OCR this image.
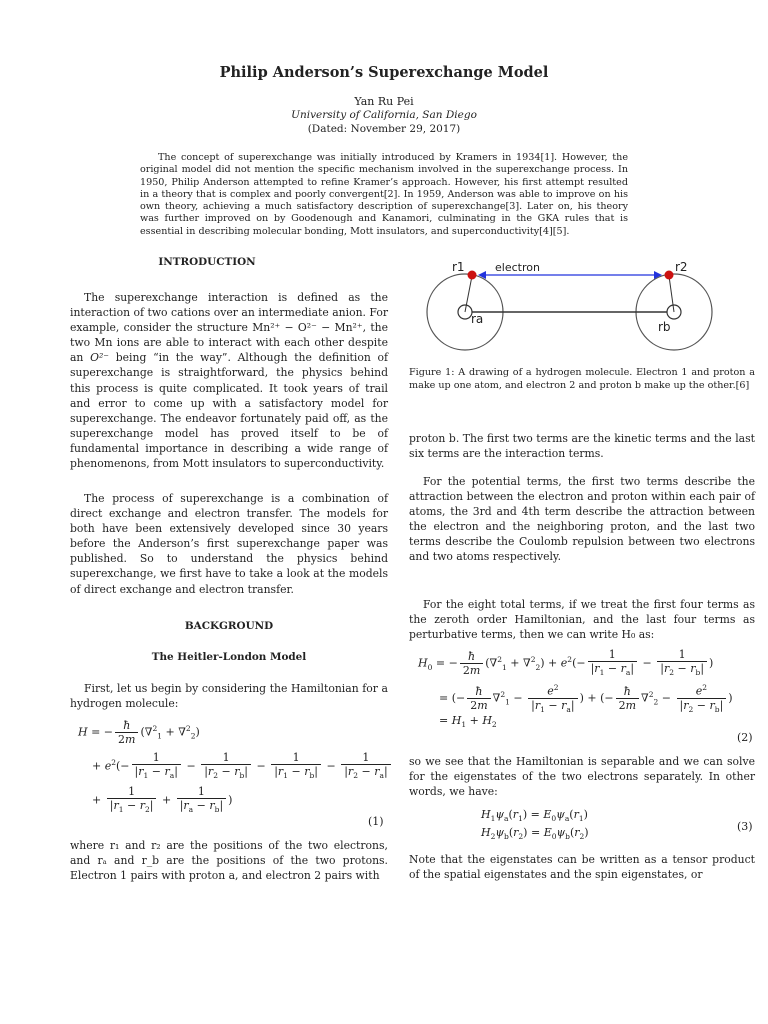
Philip Anderson’s Superexchange Model
Yan Ru Pei
University of California, San Diego
(Dated: November 29, 2017)

The concept of superexchange was initially introduced by Kramers in 1934[1]. However, the original model did not mention the specific mechanism involved in the superexchange process. In 1950, Philip Anderson attempted to refine Kramer’s approach. However, his first attempt resulted in a theory that is complex and poorly convergent[2]. In 1959, Anderson was able to improve on his own theory, achieving a much satisfactory description of superexchange[3]. Later on, his theory was further improved on by Goodenough and Kanamori, culminating in the GKA rules that is essential in describing molecular bonding, Mott insulators, and superconductivity[4][5].

INTRODUCTION

The superexchange interaction is defined as the interaction of two cations over an intermediate anion. For example, consider the structure Mn²⁺ − O²⁻ − Mn²⁺, the two Mn ions are able to interact with each other despite an O²⁻ being “in the way”. Although the definition of superexchange is straightforward, the physics behind this process is quite complicated. It took years of trail and error to come up with a satisfactory model for superexchange. The endeavor fortunately paid off, as the superexchange model has proved itself to be of fundamental importance in describing a wide range of phenomenons, from Mott insulators to superconductivity.

The process of superexchange is a combination of direct exchange and electron transfer. The models for both have been extensively developed since 30 years before the Anderson’s first superexchange paper was published. So to understand the physics behind superexchange, we first have to take a look at the models of direct exchange and electron transfer.

BACKGROUND
The Heitler-London Model

First, let us begin by considering the Hamiltonian for a hydrogen molecule:

H = − $\frac{ħ}{2m} (\nabla^2_1 + \nabla^2_2)$
+ $e^2(- \frac{1}{|r_1 - r_a|} - \frac{1}{|r_2 - r_b|} - \frac{1}{|r_1 - r_b|} - \frac{1}{|r_2 - r_a|}$
+ $\frac{1}{|r_1 - r_2|} + \frac{1}{|r_a - r_b|}$ )
(1)

where r₁ and r₂ are the positions of the two electrons, and rₐ and r_b are the positions of the two protons. Electron 1 pairs with proton a, and electron 2 pairs with

r1	electron	r2
ra
rb

Figure 1: A drawing of a hydrogen molecule. Electron 1 and proton a make up one atom, and electron 2 and proton b make up the other.[6]

proton b. The first two terms are the kinetic terms and the last six terms are the interaction terms.

For the potential terms, the first two terms describe the attraction between the electron and proton within each pair of atoms, the 3rd and 4th term describe the attraction between the electron and the neighboring proton, and the last two terms describe the Coulomb repulsion between two electrons and two atoms respectively.

For the eight total terms, if we treat the first four terms as the zeroth order Hamiltonian, and the last four terms as perturbative terms, then we can write H₀ as:

$H_0$ = − $\frac{ħ}{2m} (\nabla^2_1 + \nabla^2_2) + e^2(- \frac{1}{|r_1 - r_a|} - \frac{1}{|r_2 - r_b|}$ )
= (− $\frac{ħ}{2m} \nabla^2_1 - \frac{e^2}{|r_1 - r_a|}$ ) + (− $\frac{ħ}{2m} \nabla^2_2 - \frac{e^2}{|r_2 - r_b|}$ )
= $H_1 + H_2$
(2)

so we see that the Hamiltonian is separable and we can solve for the eigenstates of the two electrons separately. In other words, we have:

$H_1\psi_a(r_1) = E_0\psi_a(r_1)$
$H_2\psi_b(r_2) = E_0\psi_b(r_2)$	(3)

Note that the eigenstates can be written as a tensor product of the spatial eigenstates and the spin eigenstates, or
